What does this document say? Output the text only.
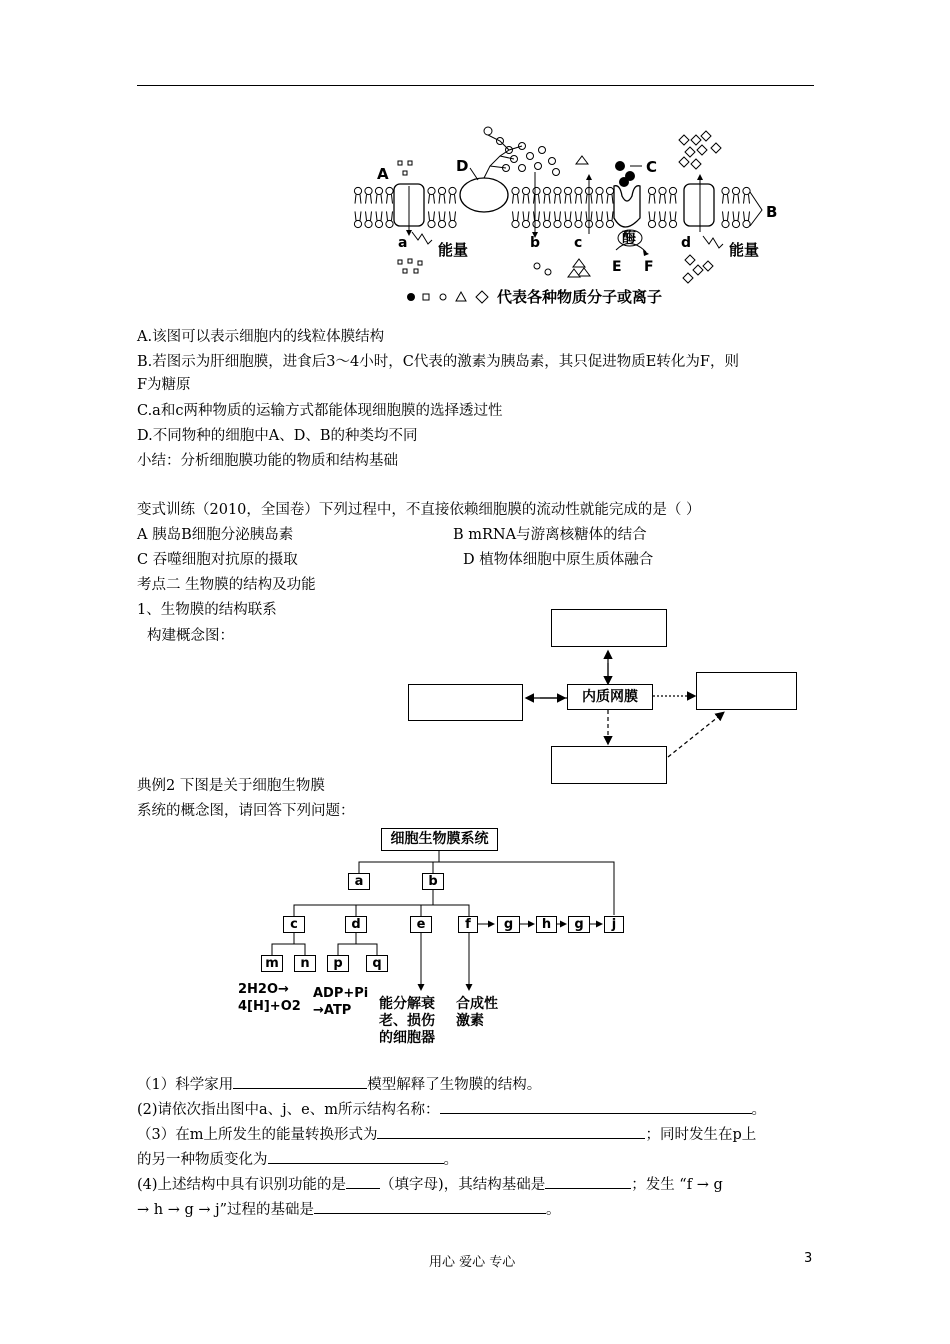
A	D	C
B
a	b c	d
E F
能量	能量
酶
代表各种物质分子或离子
A.该图可以表示细胞内的线粒体膜结构
B.若图示为肝细胞膜，进食后3～4小时，C代表的激素为胰岛素，其只促进物质E转化为F，则
F为糖原
C.a和c两种物质的运输方式都能体现细胞膜的选择透过性
D.不同物种的细胞中A、D、B的种类均不同
小结：分析细胞膜功能的物质和结构基础
变式训练（2010，全国卷）下列过程中，不直接依赖细胞膜的流动性就能完成的是（ ）
A 胰岛B细胞分泌胰岛素	B mRNA与游离核糖体的结合
C 吞噬细胞对抗原的摄取	D 植物体细胞中原生质体融合
考点二 生物膜的结构及功能
1、生物膜的结构联系
构建概念图：
内质网膜
典例2 下图是关于细胞生物膜
系统的概念图，请回答下列问题：
细胞生物膜系统
a	b
c	d	e	f	g	h	g	j
m	n	p	q
2H2O→
4[H]+O2
ADP+Pi
→ATP 能分解衰
老、损伤
的细胞器
合成性
激素
（1）科学家用	模型解释了生物膜的结构。
(2)请依次指出图中a、j、e、m所示结构名称：	。
（3）在m上所发生的能量转换形式为	；同时发生在p上
的另一种物质变化为	。
(4)上述结构中具有识别功能的是 （填字母)，其结构基础是	；发生 “f → g
→ h → g → j”过程的基础是	。
用心 爱心 专心	3
